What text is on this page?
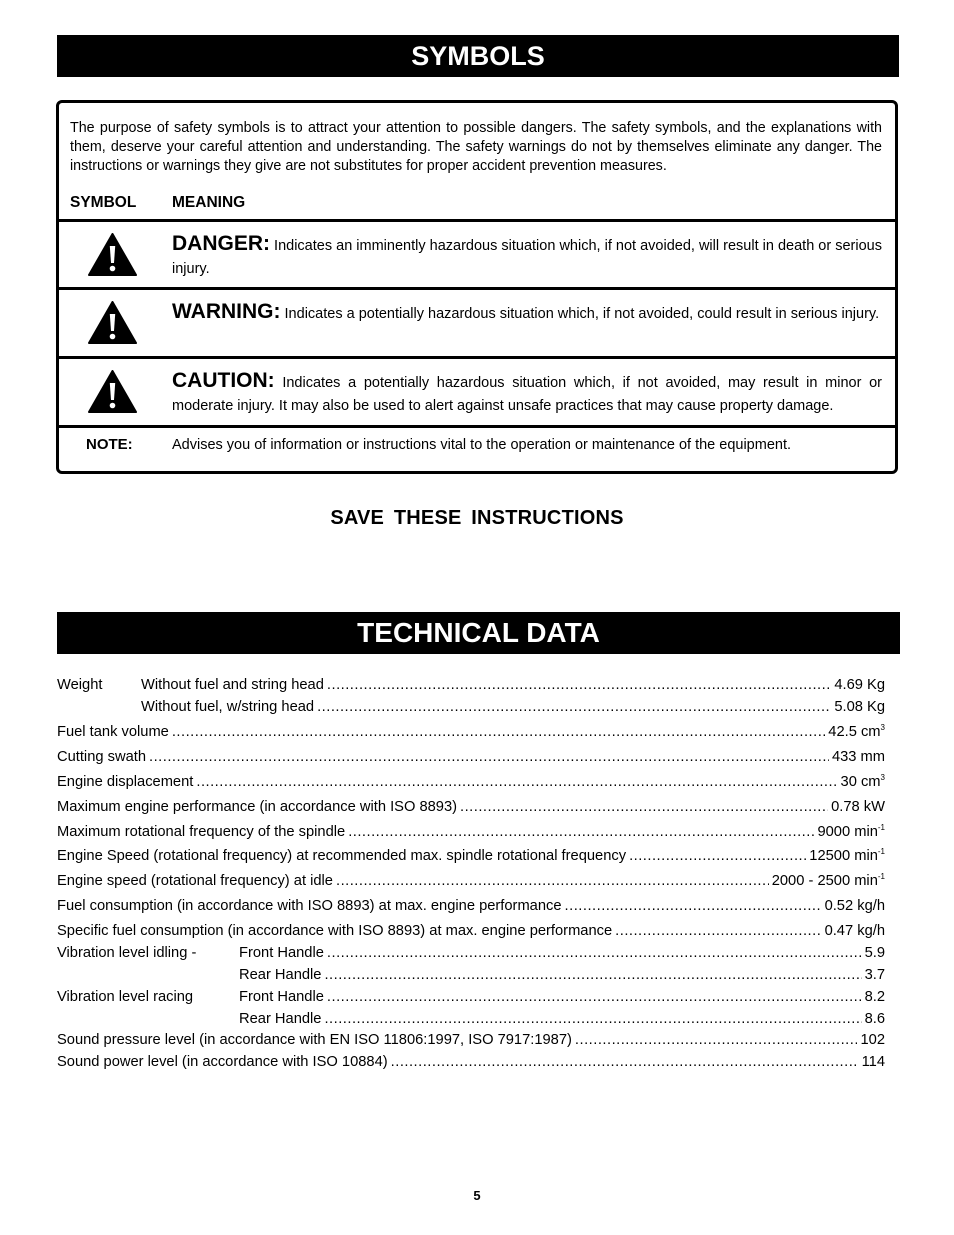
SYMBOLS
The purpose of safety symbols is to attract your attention to possible dangers. The safety symbols, and the explanations with them, deserve your careful attention and understanding. The safety warnings do not by themselves eliminate any danger. The instructions or warnings they give are not substitutes for proper accident prevention measures.
SYMBOL MEANING
DANGER: Indicates an imminently hazardous situation which, if not avoided, will result in death or serious injury.
WARNING: Indicates a potentially hazardous situation which, if not avoided, could result in serious injury.
CAUTION: Indicates a potentially hazardous situation which, if not avoided, may result in minor or moderate injury. It may also be used to alert against unsafe practices that may cause property damage.
NOTE:	Advises you of information or instructions vital to the operation or maintenance of the equipment.
SAVE THESE INSTRUCTIONS
TECHNICAL DATA
Weight	Without fuel and string head .....	4.69 Kg
Without fuel, w/string head .....	5.08 Kg
Fuel tank volume .....	42.5 $cm^3$
Cutting swath .....	433 mm
Engine displacement .....	30 $cm^3$
Maximum engine performance (in accordance with ISO 8893) .....	0.78 kW
Maximum rotational frequency of the spindle .....	9000 $\min^{-1}$
Engine Speed (rotational frequency) at recommended max. spindle rotational frequency .....	12500 $\min^{-1}$
Engine speed (rotational frequency) at idle .....	2000 - 2500 $\min^{-1}$
Fuel consumption (in accordance with ISO 8893) at max. engine performance .....	0.52 kg/h
Specific fuel consumption (in accordance with ISO 8893) at max. engine performance .....	0.47 kg/h
Vibration level idling -	Front Handle .....	5.9
Rear Handle .....	3.7
Vibration level racing	Front Handle .....	8.2
Rear Handle .....	8.6
Sound pressure level (in accordance with EN ISO 11806:1997, ISO 7917:1987) .....	102
Sound power level (in accordance with ISO 10884) .....	114
5
